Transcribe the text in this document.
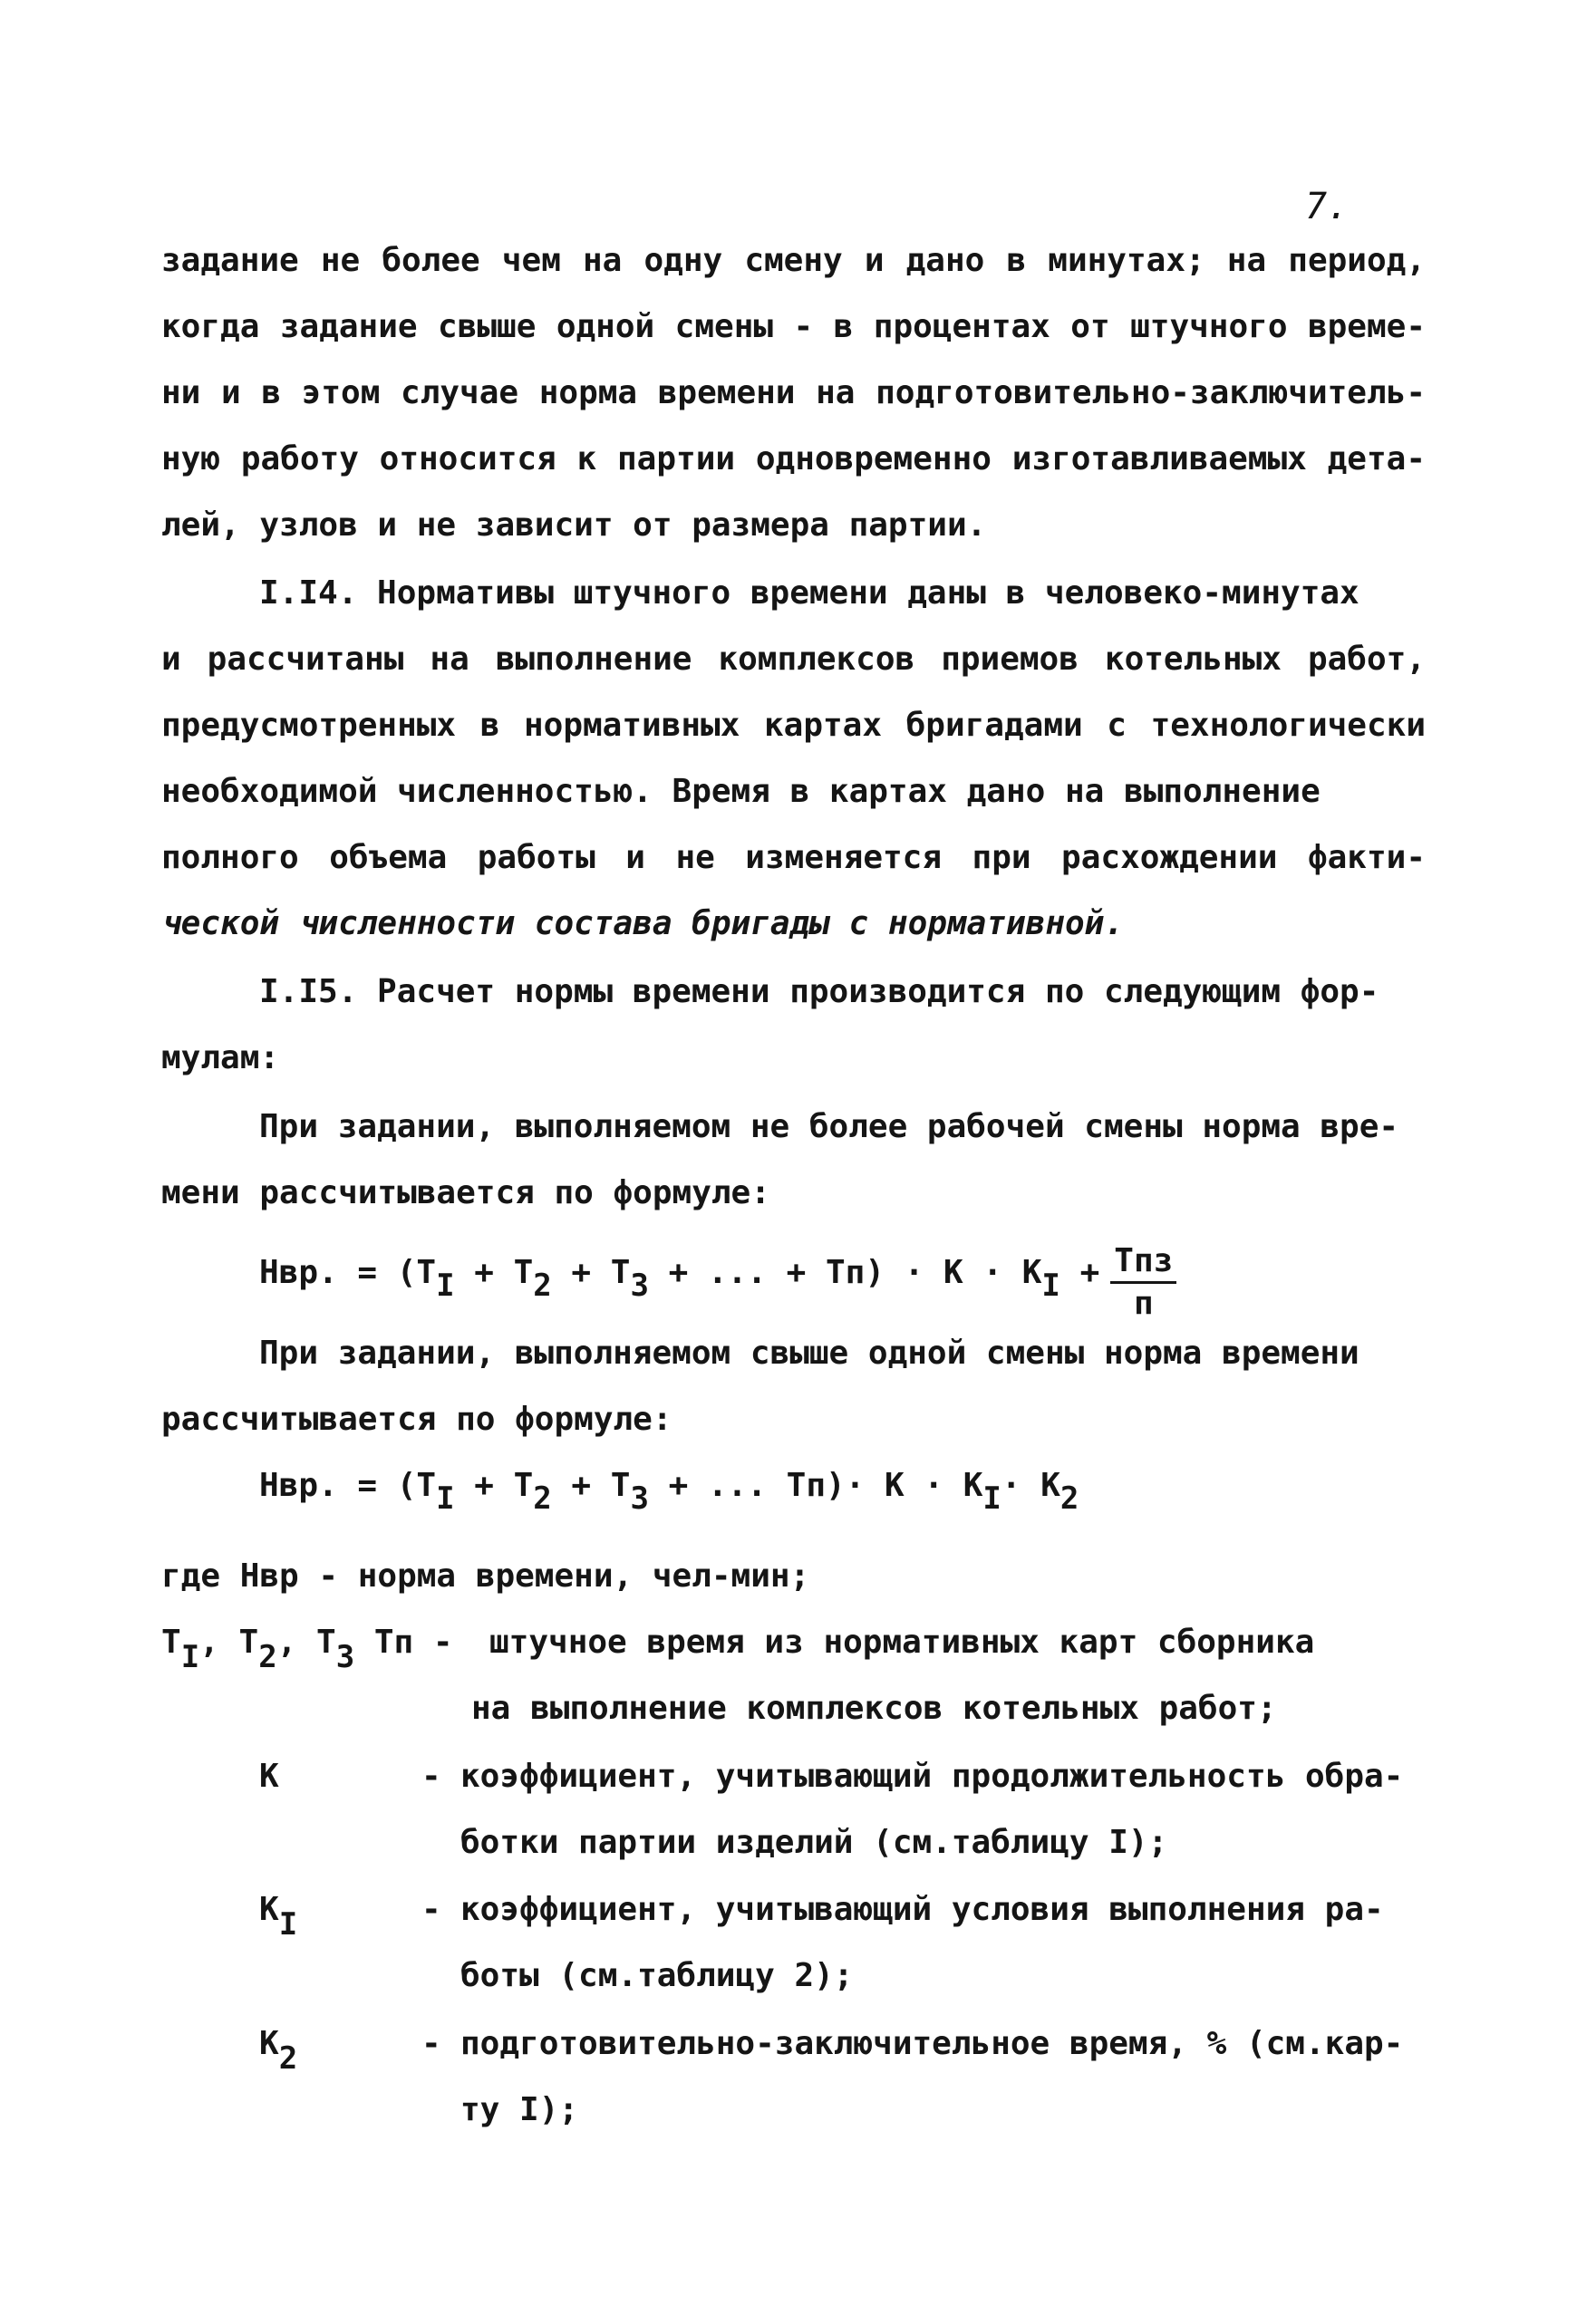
7.
задание не более чем на одну смену и дано в минутах; на период,
когда задание свыше одной смены - в процентах от штучного време-
ни и в этом случае норма времени на подготовительно-заключитель-
ную работу относится к партии одновременно изготавливаемых дета-
лей, узлов и не зависит от размера партии.
I.I4. Нормативы штучного времени даны в человеко-минутах
и рассчитаны на выполнение комплексов приемов котельных работ,
предусмотренных в нормативных картах бригадами с технологически
необходимой численностью. Время в картах дано на выполнение
полного объема работы и не изменяется при расхождении факти-
ческой численности состава бригады с нормативной.
I.I5. Расчет нормы времени производится по следующим фор-
мулам:
При задании, выполняемом не более рабочей смены норма вре-
мени рассчитывается по формуле:
Нвр. = ($Т_I + Т_2 + Т_3$ + ... + $Тп) \cdot К \cdot К_I + \frac{\text{Тпз}}{п}$
При задании, выполняемом свыше одной смены норма времени
рассчитывается по формуле:
Нвр. = ($Т_I + Т_2 + Т_3$ + ... $Тп)\cdot К \cdot К_I\cdot К_2$
где Нвр - норма времени, чел-мин;
$Т_I$, $Т_2$, $Т_3$ Тп - штучное время из нормативных карт сборника
на выполнение комплексов котельных работ;
К	- коэффициент, учитывающий продолжительность обра-
ботки партии изделий (см.таблицу I);
$К_I$	- коэффициент, учитывающий условия выполнения ра-
боты (см.таблицу 2);
$К_2$	- подготовительно-заключительное время, % (см.кар-
ту I);
